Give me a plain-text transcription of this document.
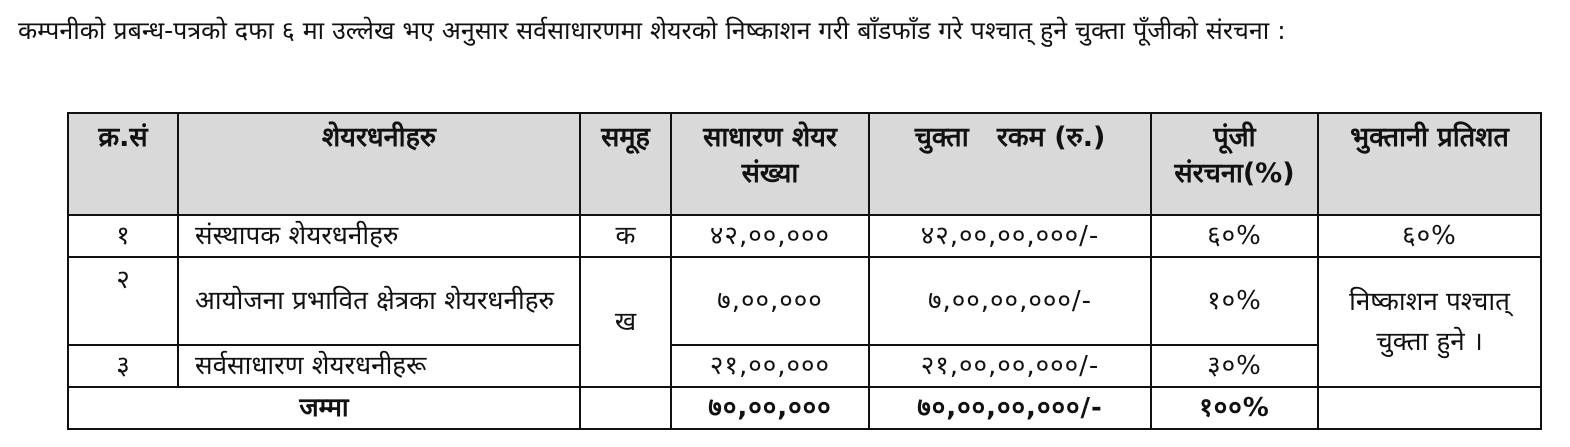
कम्पनीको प्रबन्ध-पत्रको दफा ६ मा उल्लेख भए अनुसार सर्वसाधारणमा शेयरको निष्काशन गरी बाँडफाँड गरे पश्चात् हुने चुक्ता पूँजीको संरचना :

क्र.सं	शेयरधनीहरु	समूह	साधारण शेयर संख्या	चुक्ता   रकम (रु.)	पूंजी संरचना(%)	भुक्तानी प्रतिशत
१	संस्थापक शेयरधनीहरु	क	४२,००,०००	४२,००,००,०००/-	६०%	६०%
२	आयोजना प्रभावित क्षेत्रका शेयरधनीहरु	ख	७,००,०००	७,००,००,०००/-	१०%	निष्काशन पश्चात् चुक्ता हुने ।
३	सर्वसाधारण शेयरधनीहरू		२१,००,०००	२१,००,००,०००/-	३०%	
जम्मा			७०,००,०००	७०,००,००,०००/-	१००%	
